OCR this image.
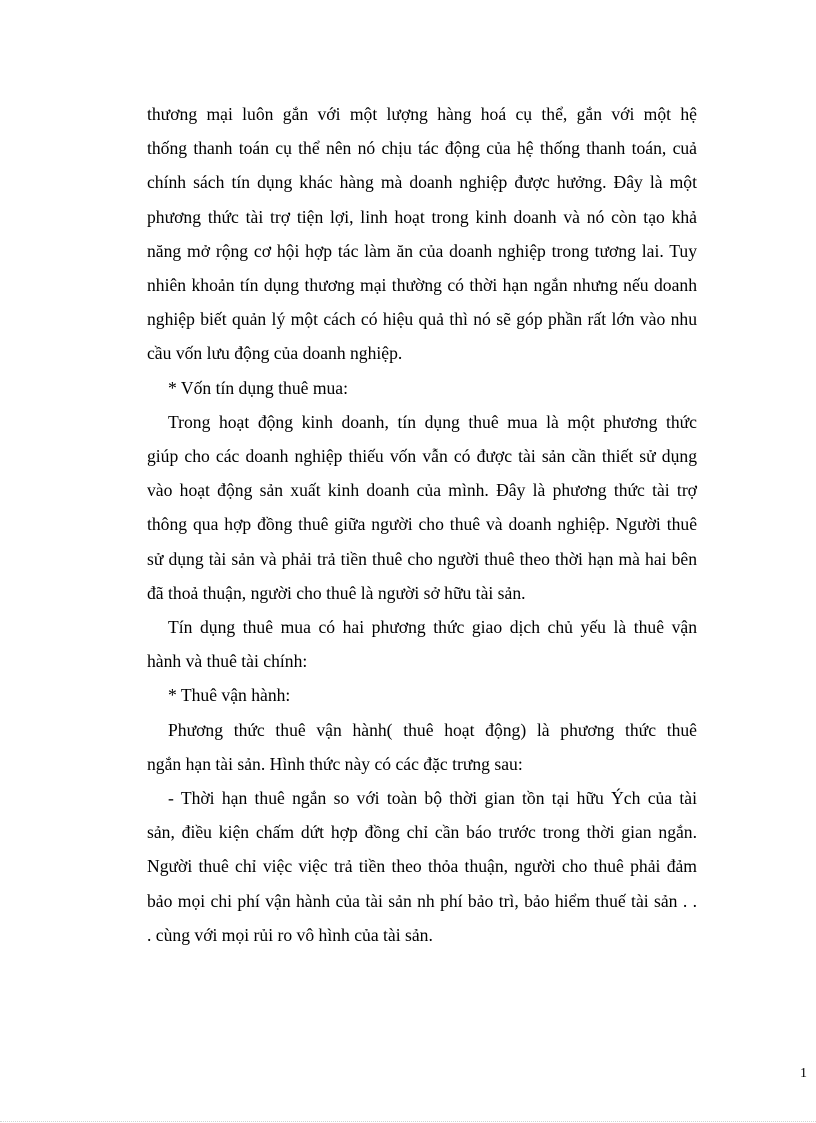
thương mại luôn gắn với một lượng hàng hoá cụ thể, gắn với một hệ
thống thanh toán cụ thể nên nó chịu tác động của hệ thống thanh toán, cuả
chính sách tín dụng khác hàng mà doanh nghiệp được hưởng. Đây là một
phương thức tài trợ tiện lợi, linh hoạt trong kinh doanh và nó còn tạo khả
năng mở rộng cơ hội hợp tác làm ăn của doanh nghiệp trong tương lai. Tuy
nhiên khoản tín dụng thương mại thường có thời hạn ngắn nhưng nếu doanh
nghiệp biết quản lý một cách có hiệu quả thì nó sẽ góp phần rất lớn vào nhu
cầu vốn lưu động của doanh nghiệp.
* Vốn tín dụng thuê mua:
Trong hoạt động kinh doanh, tín dụng thuê mua là một phương thức
giúp cho các doanh nghiệp thiếu vốn vẫn có được tài sản cần thiết sử dụng
vào hoạt động sản xuất kinh doanh của mình. Đây là phương thức tài trợ
thông qua hợp đồng thuê giữa người cho thuê và doanh nghiệp. Người thuê
sử dụng tài sản và phải trả tiền thuê cho người thuê theo thời hạn mà hai bên
đã thoả thuận, người cho thuê là người sở hữu tài sản.
Tín dụng thuê mua có hai phương thức giao dịch chủ yếu là thuê vận
hành và thuê tài chính:
* Thuê vận hành:
Phương thức thuê vận hành( thuê hoạt động) là phương thức thuê
ngắn hạn tài sản. Hình thức này có các đặc trưng sau:
- Thời hạn thuê ngắn so với toàn bộ thời gian tồn tại hữu Ých của tài
sản, điều kiện chấm dứt hợp đồng chỉ cần báo trước trong thời gian ngắn.
Người thuê chỉ việc việc trả tiền theo thỏa thuận, người cho thuê phải đảm
bảo mọi chi phí vận hành của tài sản nh phí bảo trì, bảo hiểm thuế tài sản . .
. cùng với mọi rủi ro vô hình của tài sản.
1
